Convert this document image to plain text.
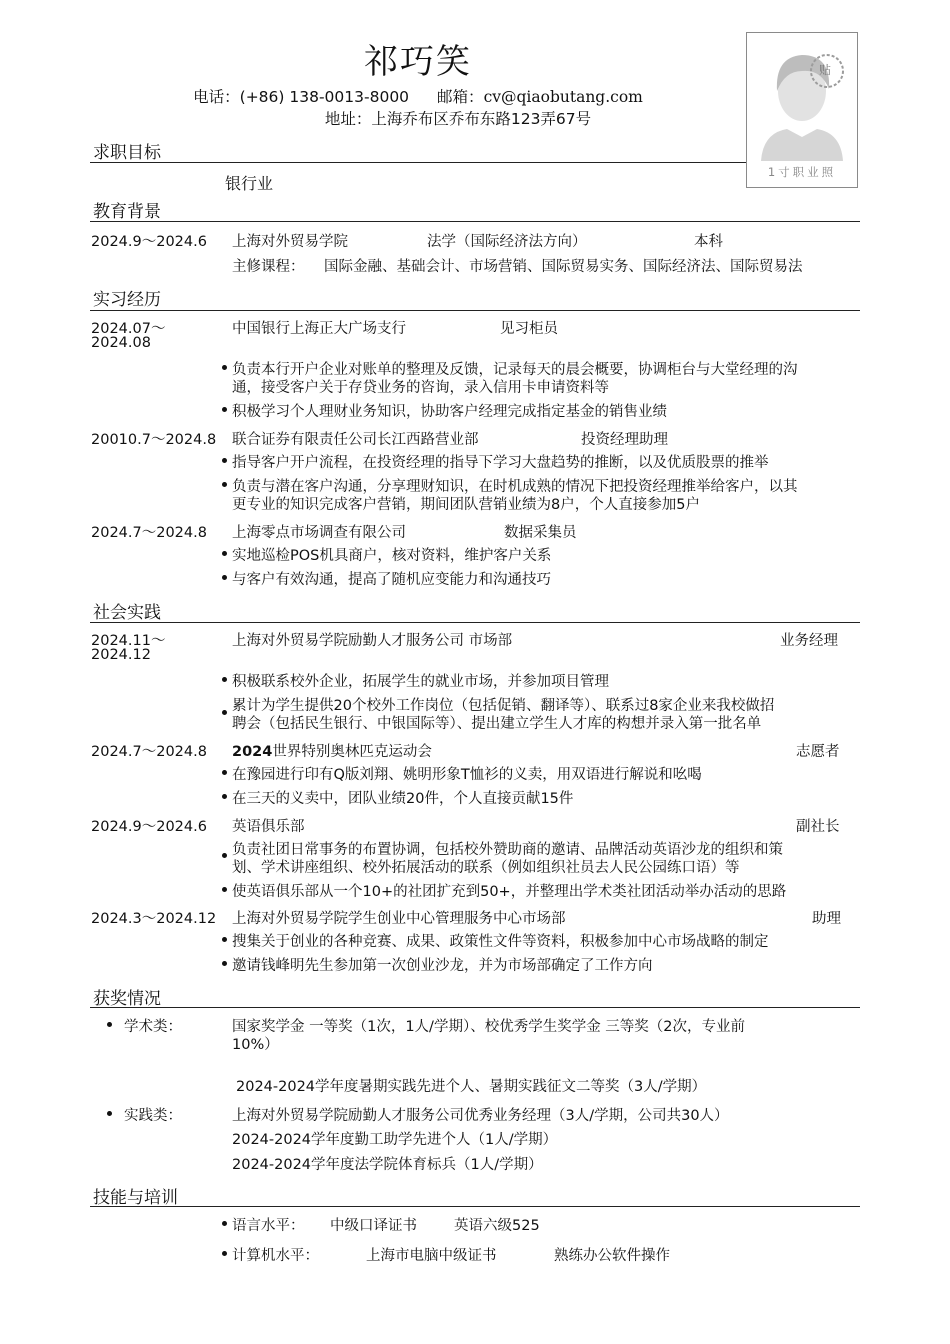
祁巧笑
电话：(+86) 138-0013-8000 邮箱：cv@qiaobutang.com
地址：上海乔布区乔布东路123弄67号
贴
1寸职业照
求职目标
银行业
教育背景
2024.9～2024.6 上海对外贸易学院	法学（国际经济法方向）	本科
主修课程： 国际金融、基础会计、市场营销、国际贸易实务、国际经济法、国际贸易法
实习经历
2024.07～
2024.08
中国银行上海正大广场支行	见习柜员
负责本行开户企业对账单的整理及反馈，记录每天的晨会概要，协调柜台与大堂经理的沟
通，接受客户关于存贷业务的咨询，录入信用卡申请资料等
积极学习个人理财业务知识，协助客户经理完成指定基金的销售业绩
20010.7～2024.8 联合证券有限责任公司长江西路营业部	投资经理助理
指导客户开户流程，在投资经理的指导下学习大盘趋势的推断，以及优质股票的推举
负责与潜在客户沟通，分享理财知识，在时机成熟的情况下把投资经理推举给客户，以其
更专业的知识完成客户营销，期间团队营销业绩为8户，个人直接参加5户
2024.7～2024.8 上海零点市场调查有限公司	数据采集员
实地巡检POS机具商户，核对资料，维护客户关系
与客户有效沟通，提高了随机应变能力和沟通技巧
社会实践
2024.11～
2024.12
上海对外贸易学院励勤人才服务公司 市场部	业务经理
积极联系校外企业，拓展学生的就业市场，并参加项目管理
累计为学生提供20个校外工作岗位（包括促销、翻译等）、联系过8家企业来我校做招
聘会（包括民生银行、中银国际等）、提出建立学生人才库的构想并录入第一批名单
2024.7～2024.8 2024世界特别奥林匹克运动会	志愿者
在豫园进行印有Q版刘翔、姚明形象T恤衫的义卖，用双语进行解说和吆喝
在三天的义卖中，团队业绩20件，个人直接贡献15件
2024.9～2024.6 英语俱乐部	副社长
负责社团日常事务的布置协调，包括校外赞助商的邀请、品牌活动英语沙龙的组织和策
划、学术讲座组织、校外拓展活动的联系（例如组织社员去人民公园练口语）等
使英语俱乐部从一个10+的社团扩充到50+，并整理出学术类社团活动举办活动的思路
2024.3～2024.12 上海对外贸易学院学生创业中心管理服务中心市场部	助理
搜集关于创业的各种竞赛、成果、政策性文件等资料，积极参加中心市场战略的制定
邀请钱峰明先生参加第一次创业沙龙，并为市场部确定了工作方向
获奖情况
学术类：	国家奖学金 一等奖（1次，1人/学期）、校优秀学生奖学金 三等奖（2次，专业前
10%）
2024-2024学年度暑期实践先进个人、暑期实践征文二等奖（3人/学期）
实践类：	上海对外贸易学院励勤人才服务公司优秀业务经理（3人/学期，公司共30人）
2024-2024学年度勤工助学先进个人（1人/学期）
2024-2024学年度法学院体育标兵（1人/学期）
技能与培训
语言水平： 中级口译证书	英语六级525
计算机水平：	上海市电脑中级证书	熟练办公软件操作
